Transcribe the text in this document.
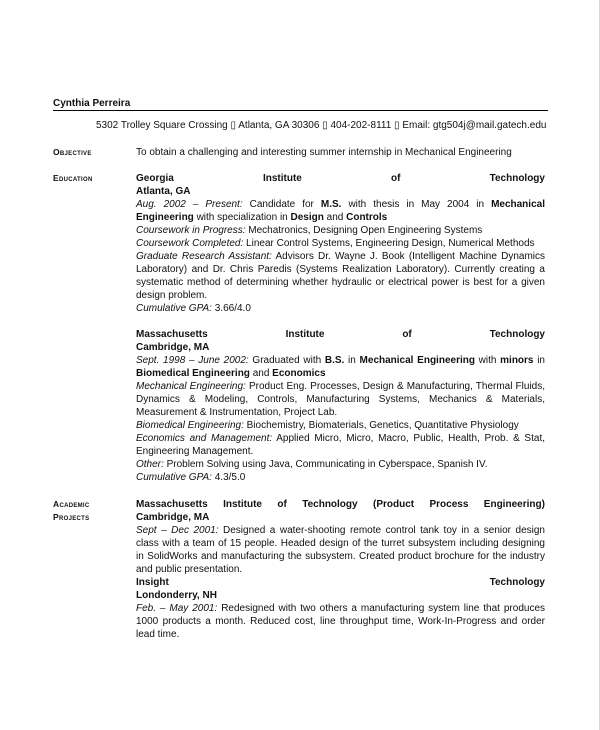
Cynthia Perreira
5302 Trolley Square Crossing ▯ Atlanta, GA 30306 ▯ 404-202-8111 ▯ Email: gtg504j@mail.gatech.edu
Objective	To obtain a challenging and interesting summer internship in Mechanical Engineering
Education	Georgia	Institute	of	Technology
Atlanta, GA
Aug. 2002 – Present: Candidate for M.S. with thesis in May 2004 in Mechanical Engineering with specialization in Design and Controls
Coursework in Progress: Mechatronics, Designing Open Engineering Systems
Coursework Completed: Linear Control Systems, Engineering Design, Numerical Methods
Graduate Research Assistant: Advisors Dr. Wayne J. Book (Intelligent Machine Dynamics Laboratory) and Dr. Chris Paredis (Systems Realization Laboratory). Currently creating a systematic method of determining whether hydraulic or electrical power is best for a given design problem.
Cumulative GPA: 3.66/4.0
Massachusetts	Institute	of	Technology
Cambridge, MA
Sept. 1998 – June 2002: Graduated with B.S. in Mechanical Engineering with minors in Biomedical Engineering and Economics
Mechanical Engineering: Product Eng. Processes, Design & Manufacturing, Thermal Fluids, Dynamics & Modeling, Controls, Manufacturing Systems, Mechanics & Materials, Measurement & Instrumentation, Project Lab.
Biomedical Engineering: Biochemistry, Biomaterials, Genetics, Quantitative Physiology
Economics and Management: Applied Micro, Micro, Macro, Public, Health, Prob. & Stat, Engineering Management.
Other: Problem Solving using Java, Communicating in Cyberspace, Spanish IV.
Cumulative GPA: 4.3/5.0
Academic
Projects
Massachusetts Institute of Technology (Product Process Engineering)
Cambridge, MA
Sept – Dec 2001: Designed a water-shooting remote control tank toy in a senior design class with a team of 15 people. Headed design of the turret subsystem including designing in SolidWorks and manufacturing the subsystem. Created product brochure for the industry and public presentation.
Insight	Technology
Londonderry, NH
Feb. – May 2001: Redesigned with two others a manufacturing system line that produces 1000 products a month. Reduced cost, line throughput time, Work-In-Progress and order lead time.
